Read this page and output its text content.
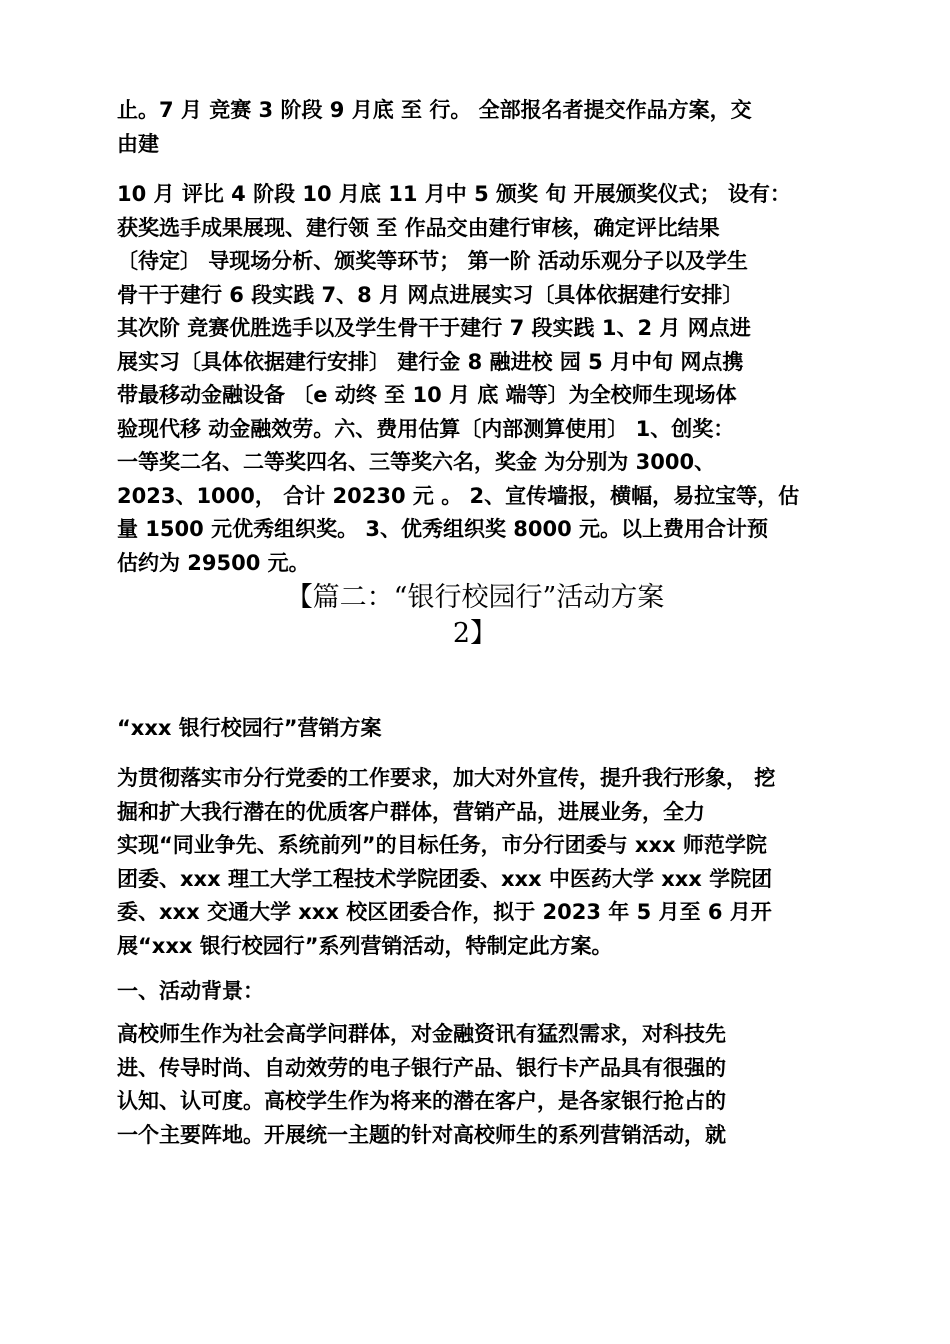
止。7 月 竞赛 3 阶段 9 月底 至 行。 全部报名者提交作品方案，交
由建
10 月 评比 4 阶段 10 月底 11 月中 5 颁奖 旬 开展颁奖仪式； 设有：
获奖选手成果展现、建行领 至 作品交由建行审核，确定评比结果
〔待定〕 导现场分析、颁奖等环节； 第一阶 活动乐观分子以及学生
骨干于建行 6 段实践 7、8 月 网点进展实习〔具体依据建行安排〕
其次阶 竞赛优胜选手以及学生骨干于建行 7 段实践 1、2 月 网点进
展实习〔具体依据建行安排〕 建行金 8 融进校 园 5 月中旬 网点携
带最移动金融设备 〔e 动终 至 10 月 底 端等〕为全校师生现场体
验现代移 动金融效劳。六、费用估算〔内部测算使用〕 1、创奖：
一等奖二名、二等奖四名、三等奖六名，奖金 为分别为 3000、
2023、1000， 合计 20230 元 。 2、宣传墙报，横幅，易拉宝等，估
量 1500 元优秀组织奖。 3、优秀组织奖 8000 元。以上费用合计预
估约为 29500 元。
【篇二：“银行校园行”活动方案
2】
“xxx 银行校园行”营销方案
为贯彻落实市分行党委的工作要求，加大对外宣传，提升我行形象， 挖
掘和扩大我行潜在的优质客户群体，营销产品，进展业务，全力
实现“同业争先、系统前列”的目标任务，市分行团委与 xxx 师范学院
团委、xxx 理工大学工程技术学院团委、xxx 中医药大学 xxx 学院团
委、xxx 交通大学 xxx 校区团委合作，拟于 2023 年 5 月至 6 月开
展“xxx 银行校园行”系列营销活动，特制定此方案。
一、活动背景：
高校师生作为社会高学问群体，对金融资讯有猛烈需求，对科技先
进、传导时尚、自动效劳的电子银行产品、银行卡产品具有很强的
认知、认可度。高校学生作为将来的潜在客户，是各家银行抢占的
一个主要阵地。开展统一主题的针对高校师生的系列营销活动，就
